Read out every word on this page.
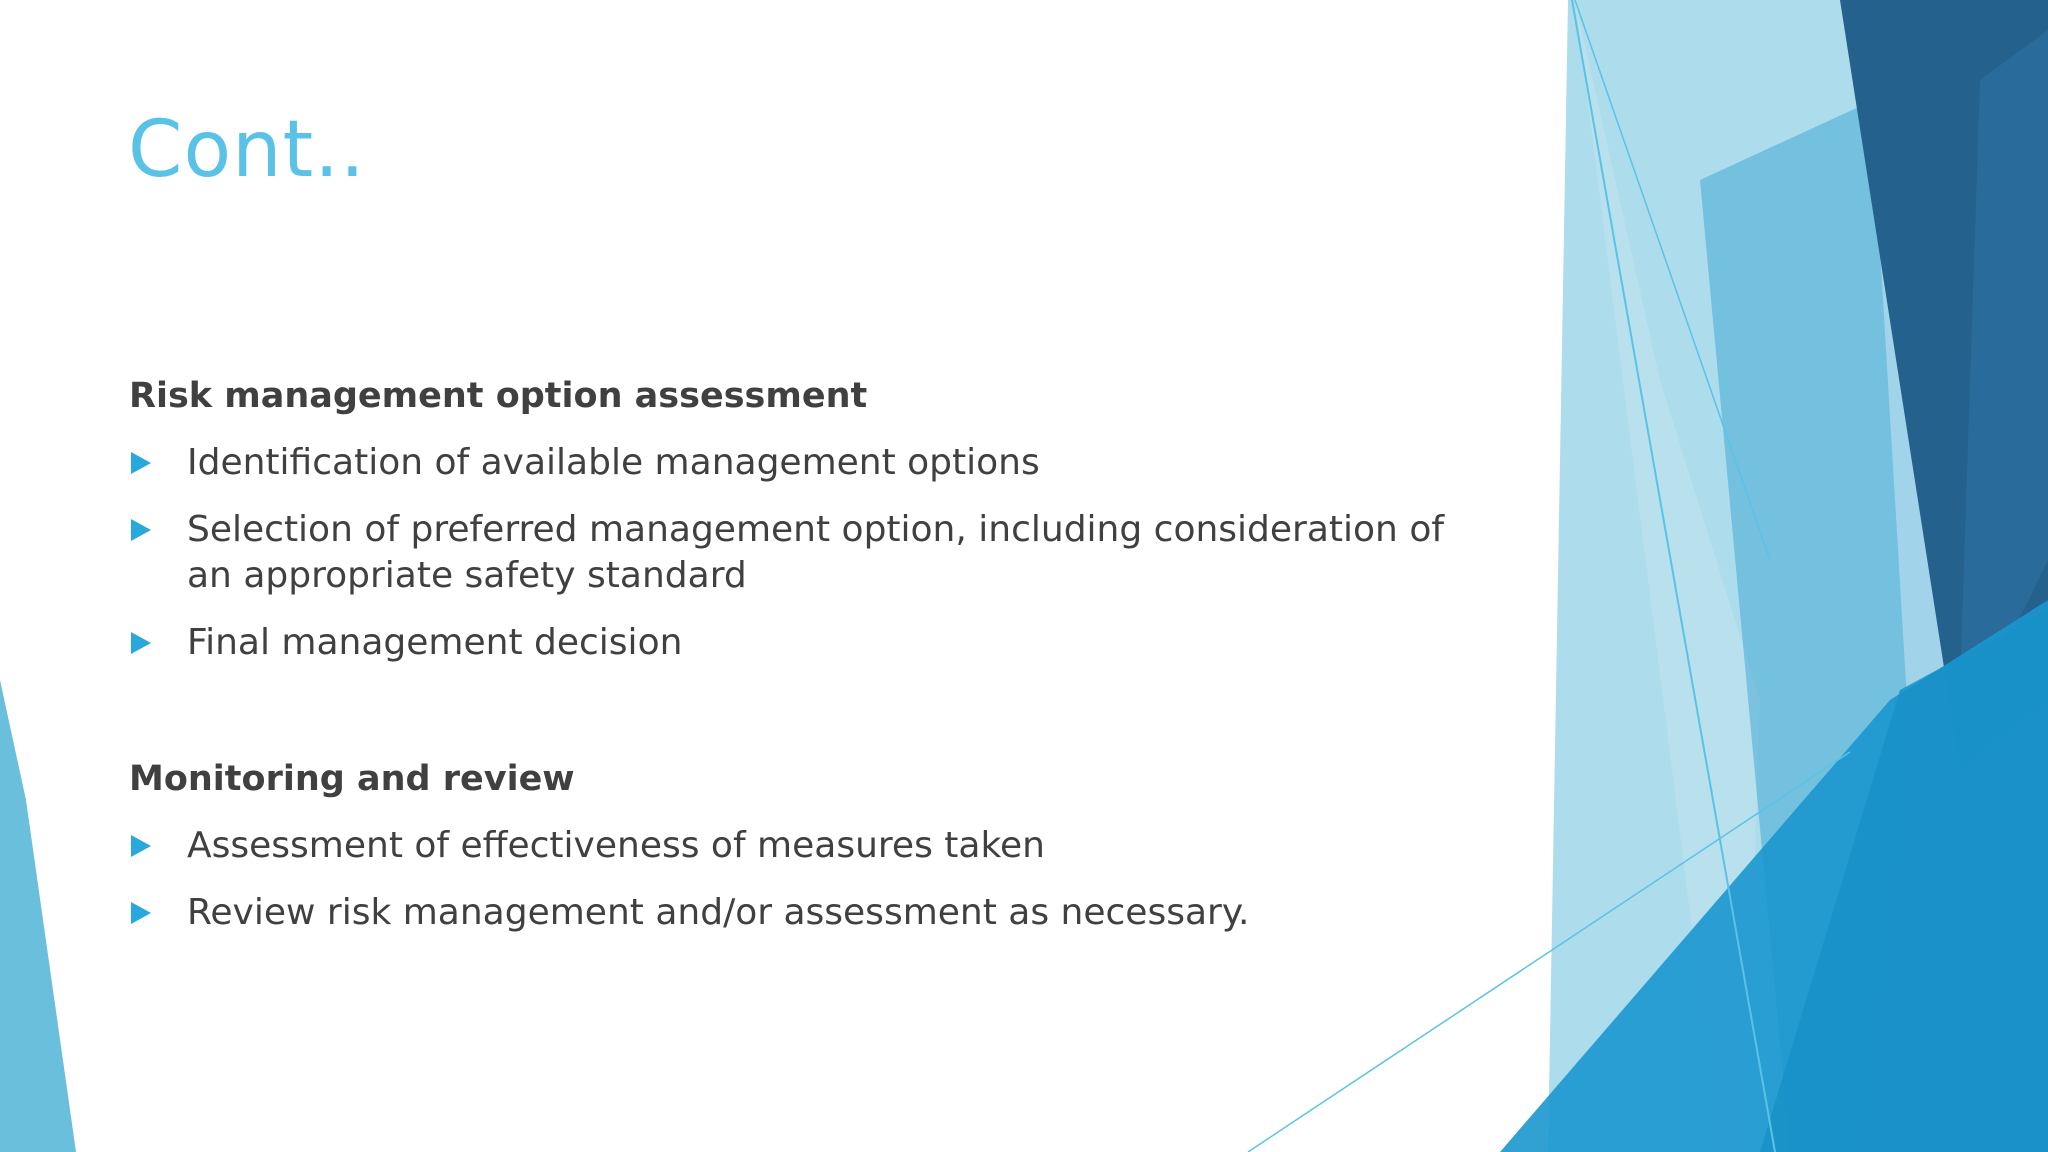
Cont..
Risk management option assessment
Identification of available management options
Selection of preferred management option, including consideration of an appropriate safety standard
Final management decision
Monitoring and review
Assessment of effectiveness of measures taken
Review risk management and/or assessment as necessary.
